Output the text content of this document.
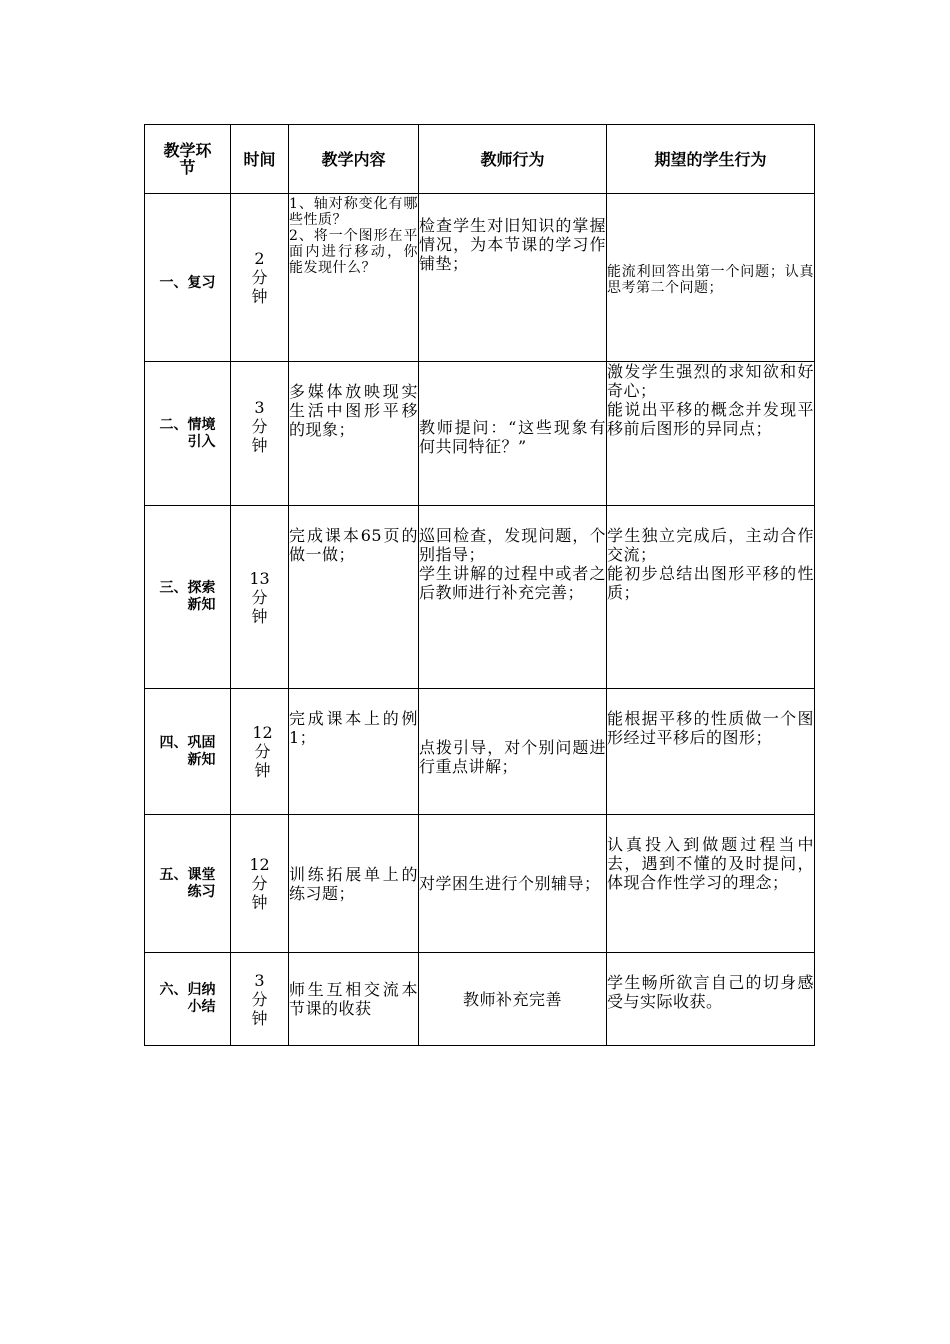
教学环节	时间	教学内容	教师行为	期望的学生行为

一、复习	2
分
钟	1、轴对称变化有哪些性质？
2、将一个图形在平面内进行移动，你能发现什么？	检查学生对旧知识的掌握情况，为本节课的学习作铺垫；	能流利回答出第一个问题；认真思考第二个问题；

二、情境
引入	3
分
钟	多媒体放映现实生活中图形平移的现象；	教师提问：“这些现象有何共同特征？”	激发学生强烈的求知欲和好奇心；
能说出平移的概念并发现平移前后图形的异同点；

三、探索
新知	13
分
钟	完成课本65页的做一做；	巡回检查，发现问题，个别指导；
学生讲解的过程中或者之后教师进行补充完善；	学生独立完成后，主动合作交流；
能初步总结出图形平移的性质；

四、巩固
新知	12
分
钟	完成课本上的例1；	点拨引导，对个别问题进行重点讲解；	能根据平移的性质做一个图形经过平移后的图形；

五、课堂
练习	12
分
钟	训练拓展单上的练习题；	对学困生进行个别辅导；	认真投入到做题过程当中去，遇到不懂的及时提问，体现合作性学习的理念；

六、归纳
小结	3
分
钟	师生互相交流本节课的收获	教师补充完善	学生畅所欲言自己的切身感受与实际收获。
